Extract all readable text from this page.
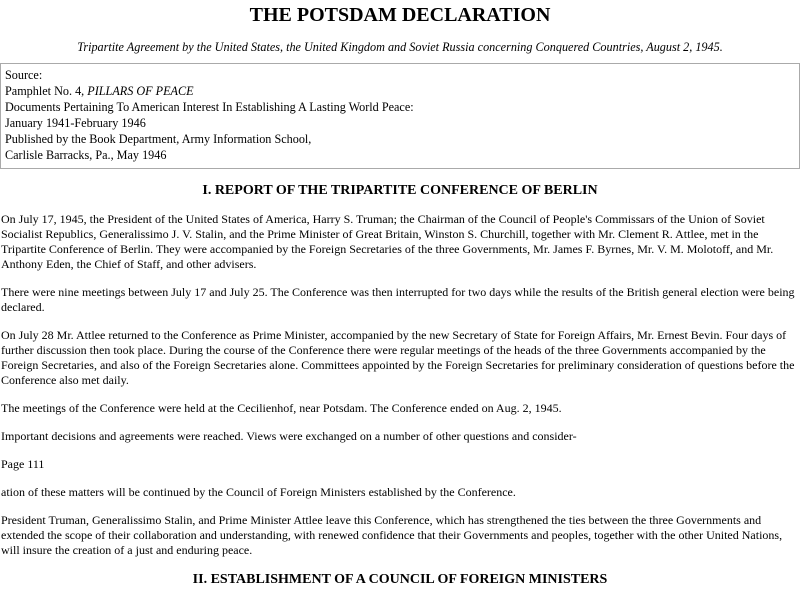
THE POTSDAM DECLARATION
Tripartite Agreement by the United States, the United Kingdom and Soviet Russia concerning Conquered Countries, August 2, 1945.
Source:
Pamphlet No. 4, PILLARS OF PEACE
Documents Pertaining To American Interest In Establishing A Lasting World Peace:
January 1941-February 1946
Published by the Book Department, Army Information School,
Carlisle Barracks, Pa., May 1946
I. REPORT OF THE TRIPARTITE CONFERENCE OF BERLIN

On July 17, 1945, the President of the United States of America, Harry S. Truman; the Chairman of the Council of People's Commissars of the Union of Soviet Socialist Republics, Generalissimo J. V. Stalin, and the Prime Minister of Great Britain, Winston S. Churchill, together with Mr. Clement R. Attlee, met in the Tripartite Conference of Berlin. They were accompanied by the Foreign Secretaries of the three Governments, Mr. James F. Byrnes, Mr. V. M. Molotoff, and Mr. Anthony Eden, the Chief of Staff, and other advisers.

There were nine meetings between July 17 and July 25. The Conference was then interrupted for two days while the results of the British general election were being declared.

On July 28 Mr. Attlee returned to the Conference as Prime Minister, accompanied by the new Secretary of State for Foreign Affairs, Mr. Ernest Bevin. Four days of further discussion then took place. During the course of the Conference there were regular meetings of the heads of the three Governments accompanied by the Foreign Secretaries, and also of the Foreign Secretaries alone. Committees appointed by the Foreign Secretaries for preliminary consideration of questions before the Conference also met daily.

The meetings of the Conference were held at the Cecilienhof, near Potsdam. The Conference ended on Aug. 2, 1945.

Important decisions and agreements were reached. Views were exchanged on a number of other questions and consider-

Page 111

ation of these matters will be continued by the Council of Foreign Ministers established by the Conference.

President Truman, Generalissimo Stalin, and Prime Minister Attlee leave this Conference, which has strengthened the ties between the three Governments and extended the scope of their collaboration and understanding, with renewed confidence that their Governments and peoples, together with the other United Nations, will insure the creation of a just and enduring peace.

II. ESTABLISHMENT OF A COUNCIL OF FOREIGN MINISTERS
